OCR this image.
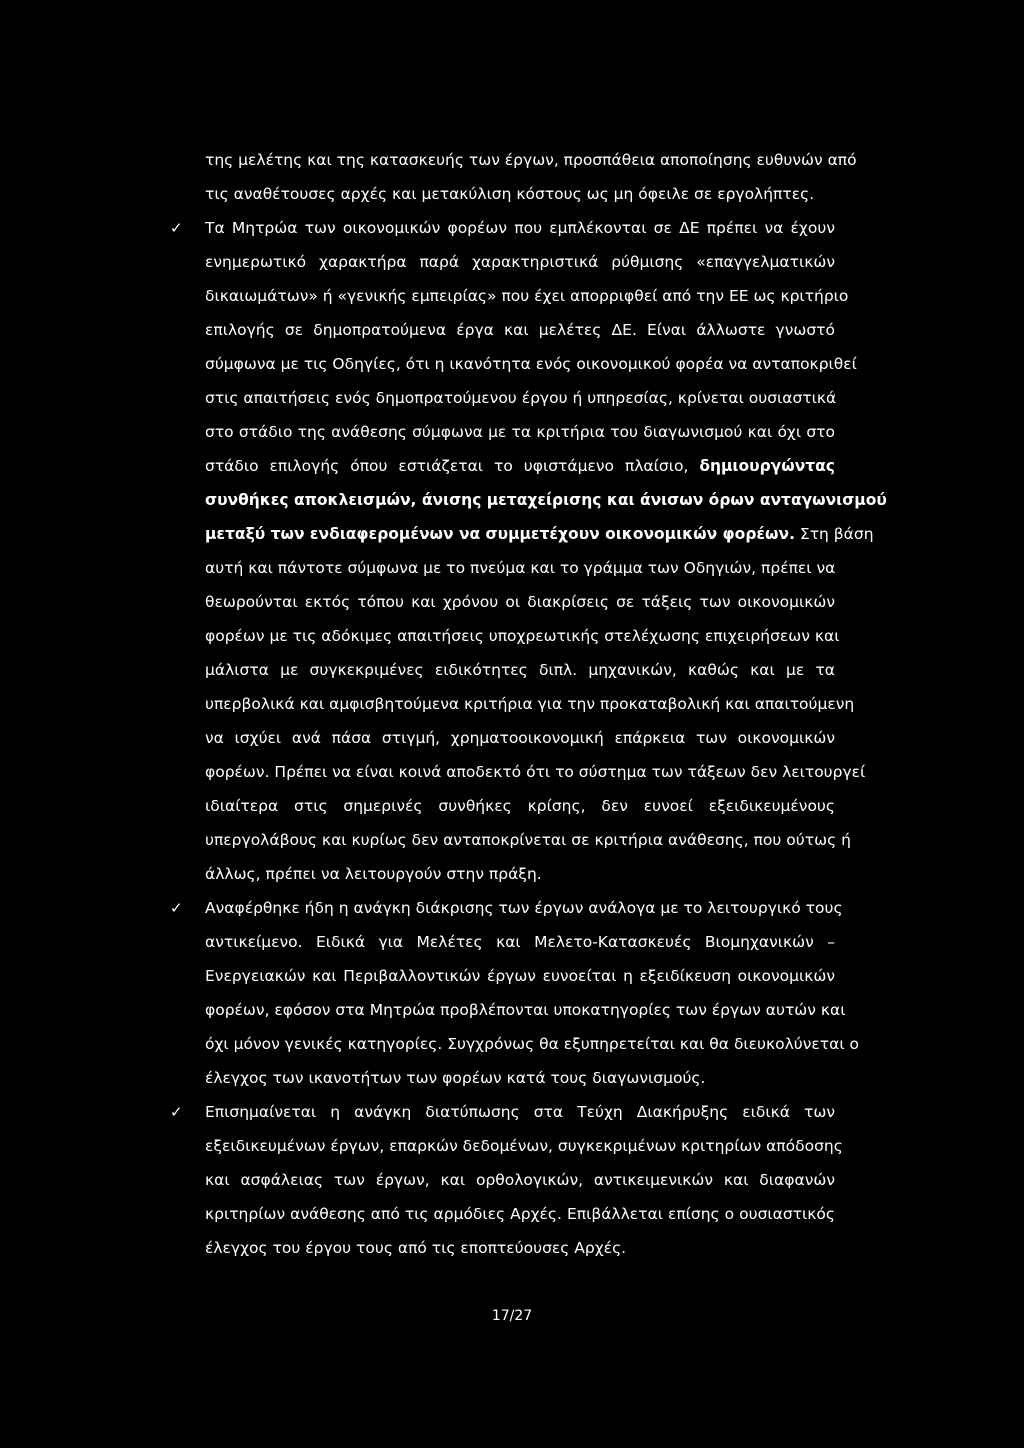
της μελέτης και της κατασκευής των έργων, προσπάθεια αποποίησης ευθυνών από
τις αναθέτουσες αρχές και μετακύλιση κόστους ως μη όφειλε σε εργολήπτες.
✓	Τα Μητρώα των οικονομικών φορέων που εμπλέκονται σε ΔΕ πρέπει να έχουν
ενημερωτικό χαρακτήρα παρά χαρακτηριστικά ρύθμισης «επαγγελματικών
δικαιωμάτων» ή «γενικής εμπειρίας» που έχει απορριφθεί από την ΕΕ ως κριτήριο
επιλογής σε δημοπρατούμενα έργα και μελέτες ΔΕ. Είναι άλλωστε γνωστό
σύμφωνα με τις Οδηγίες, ότι η ικανότητα ενός οικονομικού φορέα να ανταποκριθεί
στις απαιτήσεις ενός δημοπρατούμενου έργου ή υπηρεσίας, κρίνεται ουσιαστικά
στο στάδιο της ανάθεσης σύμφωνα με τα κριτήρια του διαγωνισμού και όχι στο
στάδιο επιλογής όπου εστιάζεται το υφιστάμενο πλαίσιο, δημιουργώντας
συνθήκες αποκλεισμών, άνισης μεταχείρισης και άνισων όρων ανταγωνισμού
μεταξύ των ενδιαφερομένων να συμμετέχουν οικονομικών φορέων. Στη βάση
αυτή και πάντοτε σύμφωνα με το πνεύμα και το γράμμα των Οδηγιών, πρέπει να
θεωρούνται εκτός τόπου και χρόνου οι διακρίσεις σε τάξεις των οικονομικών
φορέων με τις αδόκιμες απαιτήσεις υποχρεωτικής στελέχωσης επιχειρήσεων και
μάλιστα με συγκεκριμένες ειδικότητες διπλ. μηχανικών, καθώς και με τα
υπερβολικά και αμφισβητούμενα κριτήρια για την προκαταβολική και απαιτούμενη
να ισχύει ανά πάσα στιγμή, χρηματοοικονομική επάρκεια των οικονομικών
φορέων. Πρέπει να είναι κοινά αποδεκτό ότι το σύστημα των τάξεων δεν λειτουργεί
ιδιαίτερα στις σημερινές συνθήκες κρίσης, δεν ευνοεί εξειδικευμένους
υπεργολάβους και κυρίως δεν ανταποκρίνεται σε κριτήρια ανάθεσης, που ούτως ή
άλλως, πρέπει να λειτουργούν στην πράξη.
✓	Αναφέρθηκε ήδη η ανάγκη διάκρισης των έργων ανάλογα με το λειτουργικό τους
αντικείμενο. Ειδικά για Μελέτες και Μελετο-Κατασκευές Βιομηχανικών –
Ενεργειακών και Περιβαλλοντικών έργων ευνοείται η εξειδίκευση οικονομικών
φορέων, εφόσον στα Μητρώα προβλέπονται υποκατηγορίες των έργων αυτών και
όχι μόνον γενικές κατηγορίες. Συγχρόνως θα εξυπηρετείται και θα διευκολύνεται ο
έλεγχος των ικανοτήτων των φορέων κατά τους διαγωνισμούς.
✓	Επισημαίνεται η ανάγκη διατύπωσης στα Τεύχη Διακήρυξης ειδικά των
εξειδικευμένων έργων, επαρκών δεδομένων, συγκεκριμένων κριτηρίων απόδοσης
και ασφάλειας των έργων, και ορθολογικών, αντικειμενικών και διαφανών
κριτηρίων ανάθεσης από τις αρμόδιες Αρχές. Επιβάλλεται επίσης ο ουσιαστικός
έλεγχος του έργου τους από τις εποπτεύουσες Αρχές.
17/27
